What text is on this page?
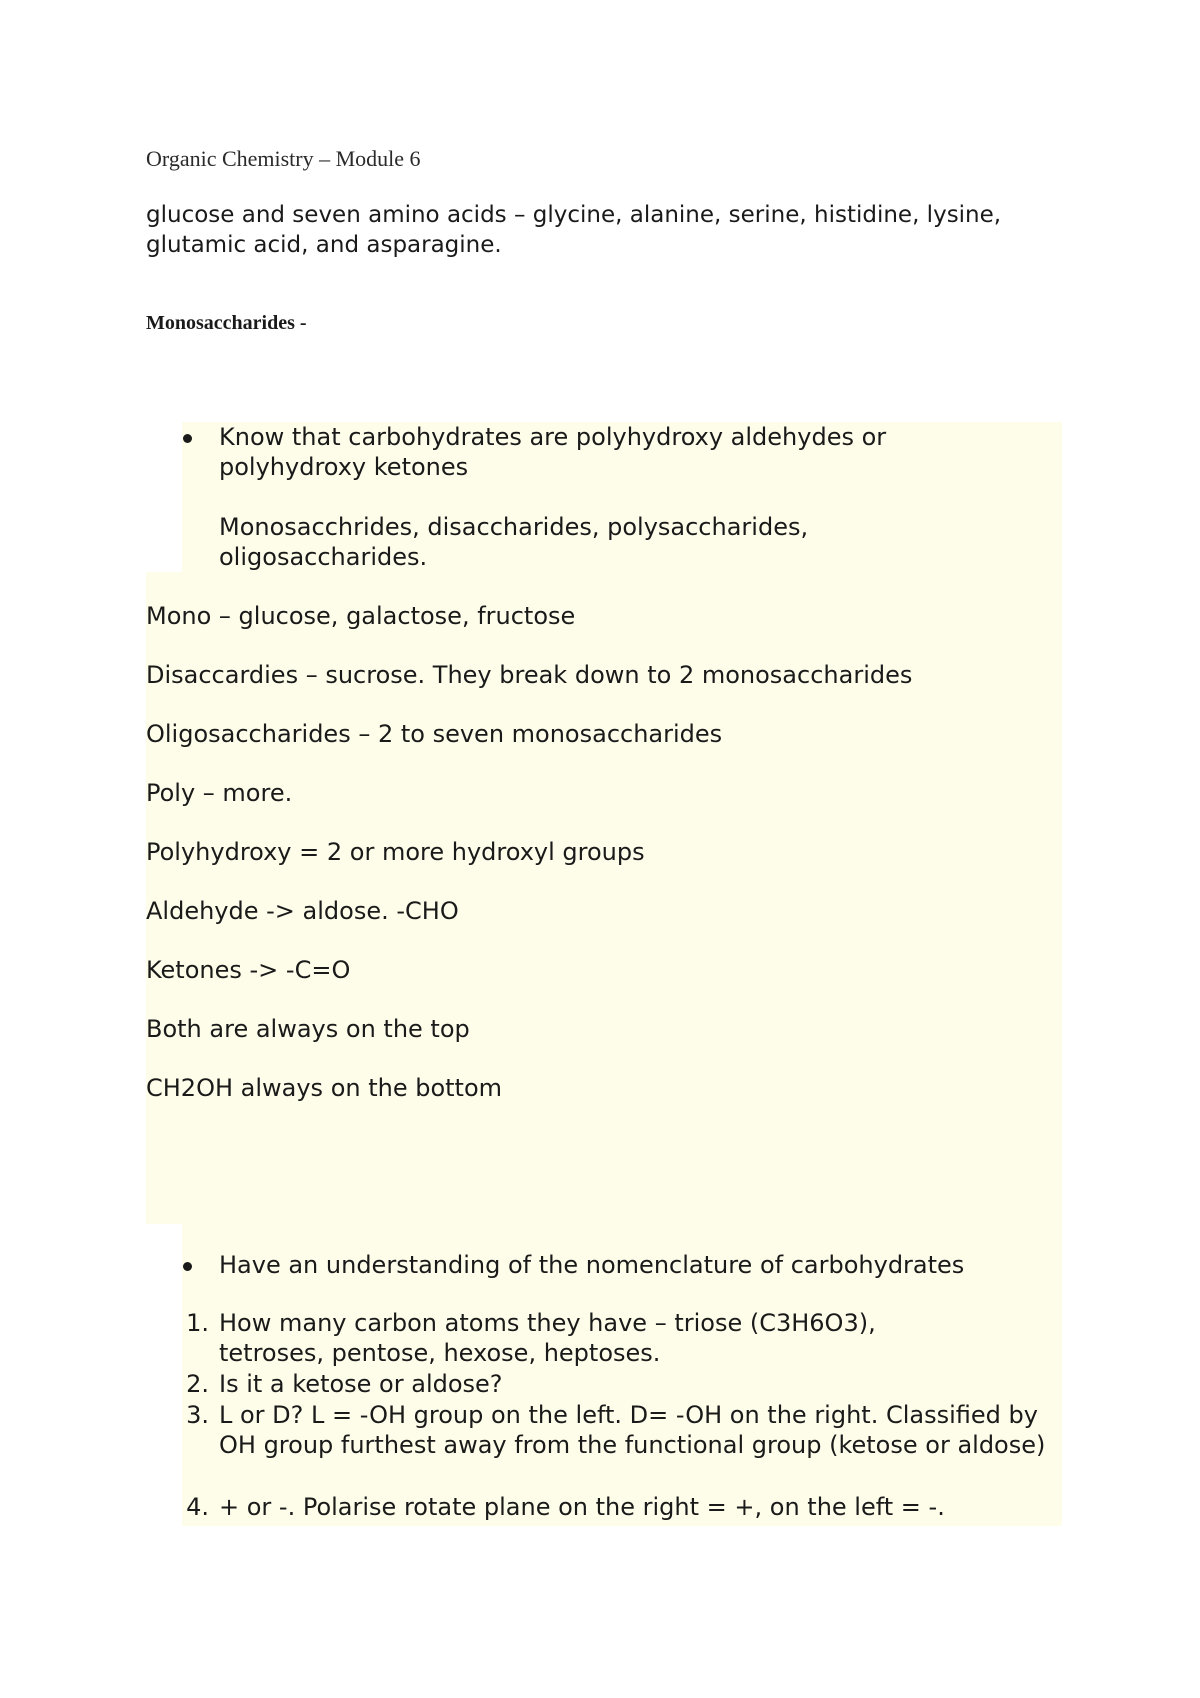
Organic Chemistry – Module 6
glucose and seven amino acids – glycine, alanine, serine, histidine, lysine, glutamic acid, and asparagine.
Monosaccharides -
Know that carbohydrates are polyhydroxy aldehydes or polyhydroxy ketones
Monosacchrides, disaccharides, polysaccharides, oligosaccharides.
Mono – glucose, galactose, fructose
Disaccardies – sucrose. They break down to 2 monosaccharides
Oligosaccharides – 2 to seven monosaccharides
Poly – more.
Polyhydroxy = 2 or more hydroxyl groups
Aldehyde -> aldose. -CHO
Ketones -> -C=O
Both are always on the top
CH2OH always on the bottom
Have an understanding of the nomenclature of carbohydrates
1. How many carbon atoms they have – triose (C3H6O3), tetroses, pentose, hexose, heptoses.
2. Is it a ketose or aldose?
3. L or D? L = -OH group on the left. D= -OH on the right. Classified by OH group furthest away from the functional group (ketose or aldose)
4. + or -. Polarise rotate plane on the right = +, on the left = -.
